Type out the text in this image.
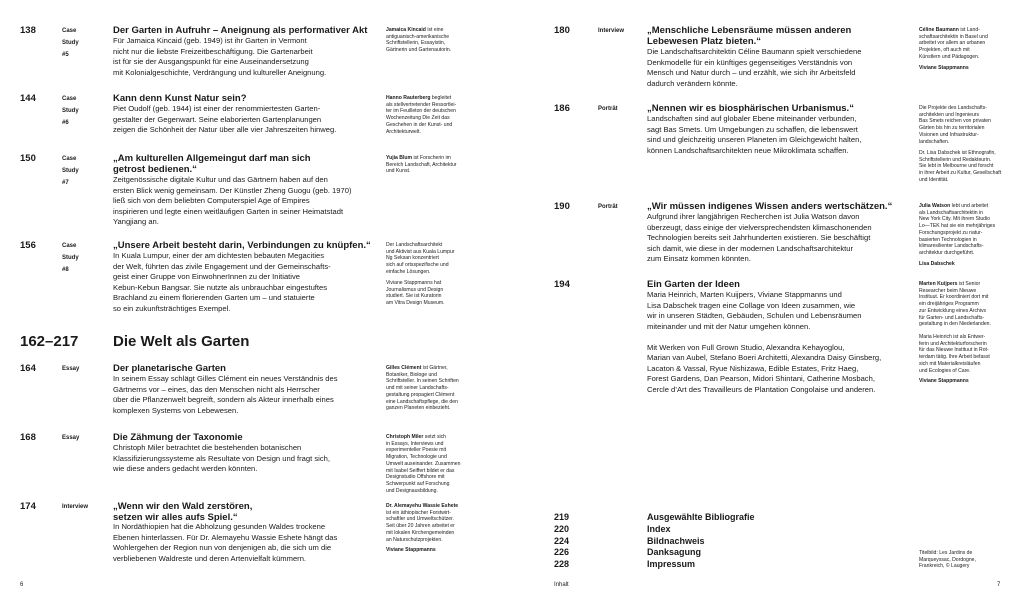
138	Case Study #5
Der Garten in Aufruhr – Aneignung als performativer Akt
Für Jamaica Kincaid (geb. 1949) ist ihr Garten in Vermont
nicht nur die liebste Freizeitbeschäftigung. Die Gartenarbeit
ist für sie der Ausgangspunkt für eine Auseinandersetzung
mit Kolonialgeschichte, Verdrängung und kultureller Aneignung.
Jamaica Kincaid ist eine
antiguanisch-amerikanische
Schriftstellerin, Essayistin,
Gärtnerin und Gartenautorin.
144	Case Study #6
Kann denn Kunst Natur sein?
Piet Oudolf (geb. 1944) ist einer der renommiertesten Garten-
gestalter der Gegenwart. Seine elaborierten Gartenplanungen
zeigen die Schönheit der Natur über alle vier Jahreszeiten hinweg.
Hanno Rauterberg begleitet
als stellvertretender Ressortlei-
ter im Feuilleton der deutschen
Wochenzeitung Die Zeit das
Geschehen in der Kunst- und
Architekturwelt.
150	Case Study #7
„Am kulturellen Allgemeingut darf man sich
getrost bedienen.“
Zeitgenössische digitale Kultur und das Gärtnern haben auf den
ersten Blick wenig gemeinsam. Der Künstler Zheng Guogu (geb. 1970)
ließ sich von dem beliebten Computerspiel Age of Empires
inspirieren und legte einen weitläufigen Garten in seiner Heimatstadt
Yangjiang an.
Yujia Blum ist Forscherin im
Bereich Landschaft, Architektur
und Kunst.
156	Case Study #8
„Unsere Arbeit besteht darin, Verbindungen zu knüpfen.“
In Kuala Lumpur, einer der am dichtesten bebauten Megacities
der Welt, führten das zivile Engagement und der Gemeinschafts-
geist einer Gruppe von EinwohnerInnen zu der Initiative
Kebun-Kebun Bangsar. Sie nutzte als unbrauchbar eingestuftes
Brachland zu einem florierenden Garten um – und statuierte
so ein zukunftsträchtiges Exempel.
Der Landschaftsarchitekt
und Aktivist aus Kuala Lumpur
Ng Seksan konzentriert
sich auf ortsspezifische und
einfache Lösungen.
Viviane Stappmanns hat
Journalismus und Design
studiert. Sie ist Kuratorin
am Vitra Design Museum.
162–217 Die Welt als Garten
164	Essay	Der planetarische Garten
In seinem Essay schlägt Gilles Clément ein neues Verständnis des
Gärtnerns vor – eines, das den Menschen nicht als Herrscher
über die Pflanzenwelt begreift, sondern als Akteur innerhalb eines
komplexen Systems von Lebewesen.
Gilles Clément ist Gärtner,
Botaniker, Biologe und
Schriftsteller. In seinen Schriften
und mit seiner Landschafts-
gestaltung propagiert Clément
eine Landschaftspflege, die den
ganzen Planeten einbezieht.
168	Essay	Die Zähmung der Taxonomie
Christoph Miler betrachtet die bestehenden botanischen
Klassifizierungssysteme als Resultate von Design und fragt sich,
wie diese anders gedacht werden könnten.
Christoph Miler setzt sich
in Essays, Interviews und
experimenteller Poesie mit
Migration, Technologie und
Umwelt auseinander. Zusammen
mit Isabel Seiffert bildet er das
Designstudio Offshore mit
Schwerpunkt auf Forschung
und Designausbildung.
174	Interview	„Wenn wir den Wald zerstören,
setzen wir alles aufs Spiel.“
In Nordäthiopien hat die Abholzung gesunden Waldes trockene
Ebenen hinterlassen. Für Dr. Alemayehu Wassie Eshete hängt das
Wohlergehen der Region nun von denjenigen ab, die sich um die
verbliebenen Waldreste und deren Artenvielfalt kümmern.
Dr. Alemayehu Wassie Eshete
ist ein äthiopischer Forstwirt-
schaftler und Umweltschützer.
Seit über 20 Jahren arbeitet er
mit lokalen Kirchengemeinden
an Naturschutzprojekten.
Viviane Stappmanns
6
180	Interview „Menschliche Lebensräume müssen anderen
Lebewesen Platz bieten.“
Die Landschaftsarchitektin Céline Baumann spielt verschiedene
Denkmodelle für ein künftiges gegenseitiges Verständnis von
Mensch und Natur durch – und erzählt, wie sich ihr Arbeitsfeld
dadurch verändern könnte.
Céline Baumann ist Land-
schaftsarchitektin in Basel und
arbeitet vor allem an urbanen
Projekten, oft auch mit
Künstlern und Pädagogen.
Viviane Stappmanns
186	Porträt	„Nennen wir es biosphärischen Urbanismus.“
Landschaften sind auf globaler Ebene miteinander verbunden,
sagt Bas Smets. Um Umgebungen zu schaffen, die lebenswert
sind und gleichzeitig unseren Planeten im Gleichgewicht halten,
können Landschaftsarchitekten neue Mikroklimata schaffen.
Die Projekte des Landschafts-
architekten und Ingenieurs
Bas Smets reichen von privaten
Gärten bis hin zu territorialen
Visionen und Infrastruktur-
landschaften.
Dr. Lisa Dabschek ist Ethnografin,
Schriftstellerin und Redakteurin.
Sie lebt in Melbourne und forscht
in ihrer Arbeit zu Kultur, Gesellschaft
und Identität.
190	Porträt	„Wir müssen indigenes Wissen anders wertschätzen.“
Aufgrund ihrer langjährigen Recherchen ist Julia Watson davon
überzeugt, dass einige der vielversprechendsten klimaschonenden
Technologien bereits seit Jahrhunderten existieren. Sie beschäftigt
sich damit, wie diese in der modernen Landschaftsarchitektur
zum Einsatz kommen könnten.
Julia Watson lebt und arbeitet
als Landschaftsarchitektin in
New York City. Mit ihrem Studio
Lo—TEK hat sie ein mehrjähriges
Forschungsprojekt zu natur-
basierten Technologien in
klimaresilienter Landschafts-
architektur durchgeführt.
Lisa Dabschek
194	Ein Garten der Ideen
Maria Heinrich, Marten Kuijpers, Viviane Stappmanns und
Lisa Dabschek tragen eine Collage von Ideen zusammen, wie
wir in unseren Städten, Gebäuden, Schulen und Lebensräumen
miteinander und mit der Natur umgehen können.

Mit Werken von Full Grown Studio, Alexandra Kehayoglou,
Marian van Aubel, Stefano Boeri Architetti, Alexandra Daisy Ginsberg,
Lacaton & Vassal, Ryue Nishizawa, Edible Estates, Fritz Haeg,
Forest Gardens, Dan Pearson, Midori Shintani, Catherine Mosbach,
Cercle d’Art des Travailleurs de Plantation Congolaise und anderen.
Marten Kuijpers ist Senior
Researcher beim Nieuwe
Instituut. Er koordiniert dort mit
ein dreijähriges Programm
zur Entwicklung eines Archivs
für Garten- und Landschafts-
gestaltung in den Niederlanden.
Maria Heinrich ist als Entwer-
ferin und Architekturforscherin
für das Nieuwe Instituut in Rot-
terdam tätig. Ihre Arbeit befasst
sich mit Materialkreisläufen
und Ecologies of Care.
Viviane Stappmanns
219	Ausgewählte Bibliografie
220	Index
224	Bildnachweis
226	Danksagung
228	Impressum
Titelbild: Les Jardins de
Marqueyssac, Dordogne,
Frankreich, © Laugery
Inhalt	7
